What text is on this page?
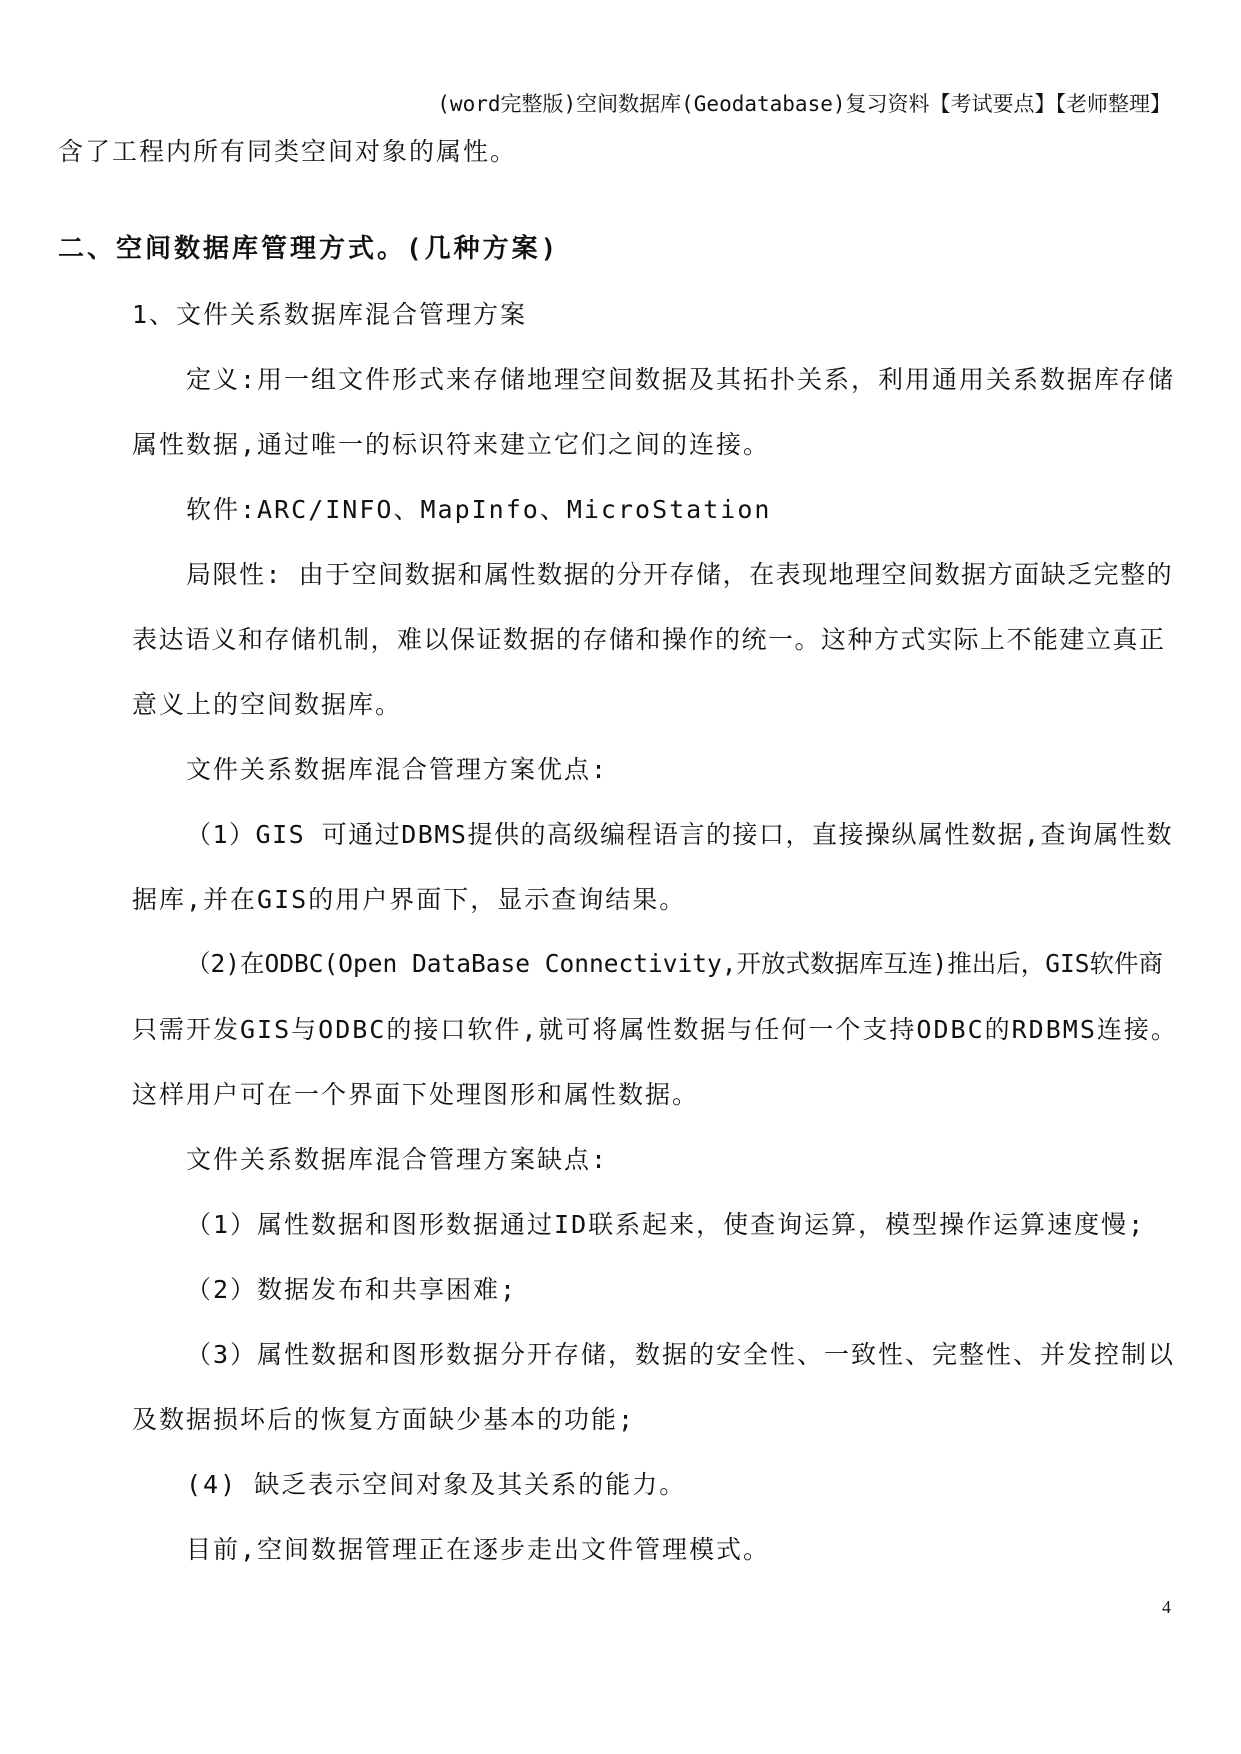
(word完整版)空间数据库(Geodatabase)复习资料【考试要点】【老师整理】
含了工程内所有同类空间对象的属性。
二、空间数据库管理方式。(几种方案)
1、文件关系数据库混合管理方案
定义:用一组文件形式来存储地理空间数据及其拓扑关系，利用通用关系数据库存储
属性数据,通过唯一的标识符来建立它们之间的连接。
软件:ARC/INFO、MapInfo、MicroStation
局限性: 由于空间数据和属性数据的分开存储，在表现地理空间数据方面缺乏完整的
表达语义和存储机制，难以保证数据的存储和操作的统一。这种方式实际上不能建立真正
意义上的空间数据库。
文件关系数据库混合管理方案优点:
（1）GIS 可通过DBMS提供的高级编程语言的接口，直接操纵属性数据,查询属性数
据库,并在GIS的用户界面下，显示查询结果。
（2)在ODBC(Open DataBase Connectivity,开放式数据库互连)推出后，GIS软件商
只需开发GIS与ODBC的接口软件,就可将属性数据与任何一个支持ODBC的RDBMS连接。
这样用户可在一个界面下处理图形和属性数据。
文件关系数据库混合管理方案缺点:
（1）属性数据和图形数据通过ID联系起来，使查询运算，模型操作运算速度慢;
（2）数据发布和共享困难;
（3）属性数据和图形数据分开存储，数据的安全性、一致性、完整性、并发控制以
及数据损坏后的恢复方面缺少基本的功能;
(4) 缺乏表示空间对象及其关系的能力。
目前,空间数据管理正在逐步走出文件管理模式。
4
